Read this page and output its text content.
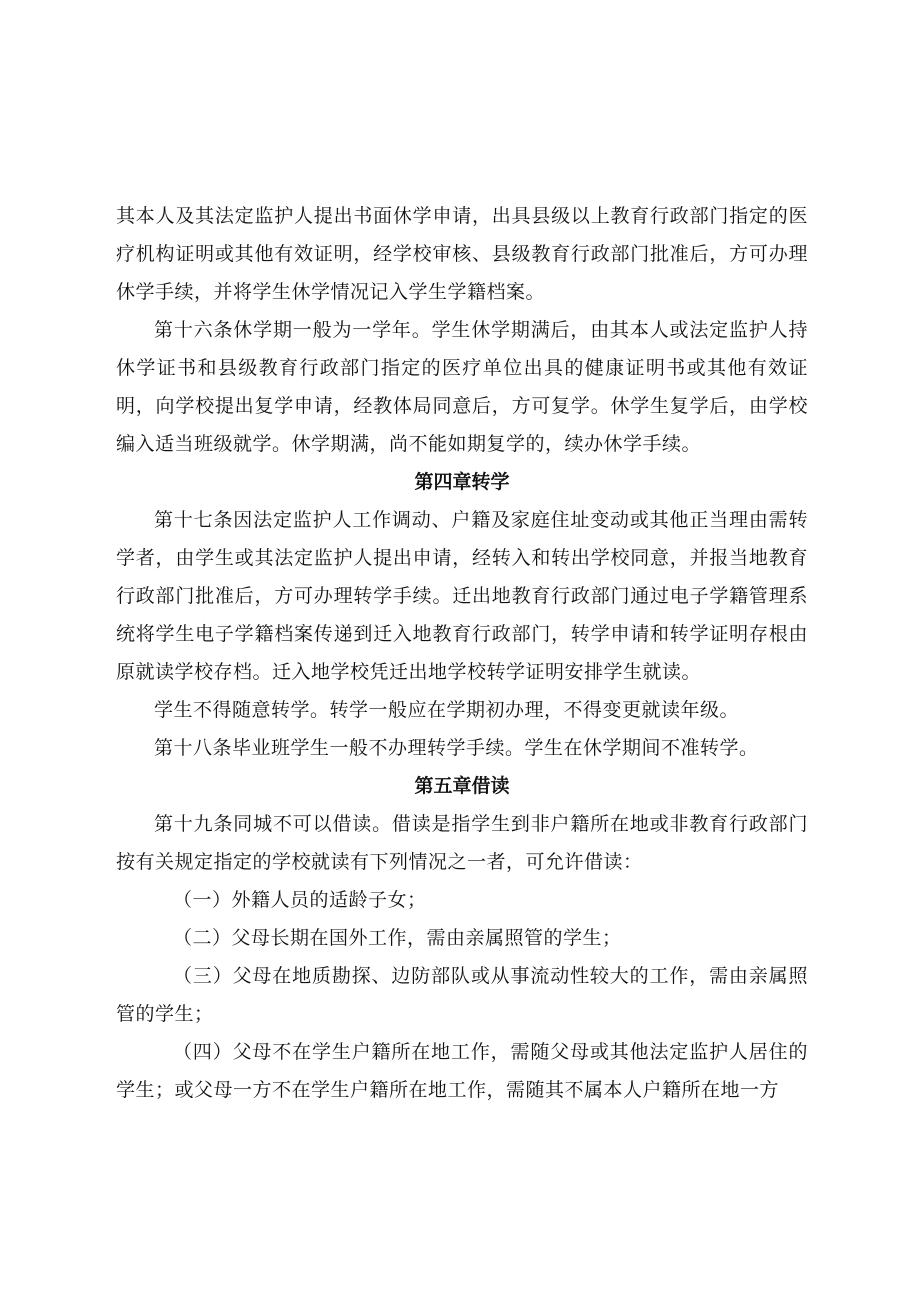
其本人及其法定监护人提出书面休学申请，出具县级以上教育行政部门指定的医疗机构证明或其他有效证明，经学校审核、县级教育行政部门批准后，方可办理休学手续，并将学生休学情况记入学生学籍档案。

第十六条休学期一般为一学年。学生休学期满后，由其本人或法定监护人持休学证书和县级教育行政部门指定的医疗单位出具的健康证明书或其他有效证明，向学校提出复学申请，经教体局同意后，方可复学。休学生复学后，由学校编入适当班级就学。休学期满，尚不能如期复学的，续办休学手续。

第四章转学

第十七条因法定监护人工作调动、户籍及家庭住址变动或其他正当理由需转学者，由学生或其法定监护人提出申请，经转入和转出学校同意，并报当地教育行政部门批准后，方可办理转学手续。迁出地教育行政部门通过电子学籍管理系统将学生电子学籍档案传递到迁入地教育行政部门，转学申请和转学证明存根由原就读学校存档。迁入地学校凭迁出地学校转学证明安排学生就读。

学生不得随意转学。转学一般应在学期初办理，不得变更就读年级。

第十八条毕业班学生一般不办理转学手续。学生在休学期间不准转学。

第五章借读

第十九条同城不可以借读。借读是指学生到非户籍所在地或非教育行政部门按有关规定指定的学校就读有下列情况之一者，可允许借读：

（一）外籍人员的适龄子女；

（二）父母长期在国外工作，需由亲属照管的学生；

（三）父母在地质勘探、边防部队或从事流动性较大的工作，需由亲属照管的学生；

（四）父母不在学生户籍所在地工作，需随父母或其他法定监护人居住的学生；或父母一方不在学生户籍所在地工作，需随其不属本人户籍所在地一方
